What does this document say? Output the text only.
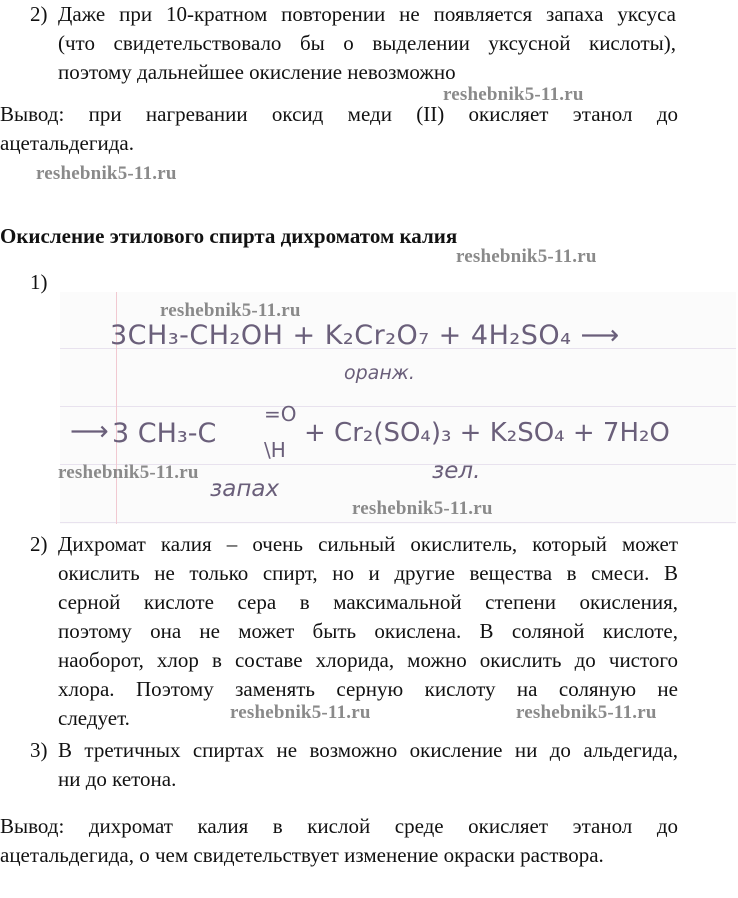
2) Даже при 10-кратном повторении не появляется запаха уксуса
(что свидетельствовало бы о выделении уксусной кислоты),
поэтому дальнейшее окисление невозможно
reshebnik5-11.ru
Вывод: при нагревании оксид меди (II) окисляет этанол до
ацетальдегида.
reshebnik5-11.ru
Окисление этилового спирта дихроматом калия
reshebnik5-11.ru
1)
3CH₃-CH₂OH + K₂Cr₂O₇ + 4H₂SO₄ ⟶
оранж.
⟶ 3 CH₃-C
=O
\H
+ Cr₂(SO₄)₃ + K₂SO₄ + 7H₂O
запах
зел.
reshebnik5-11.ru
reshebnik5-11.ru
reshebnik5-11.ru
2) Дихромат калия – очень сильный окислитель, который может
окислить не только спирт, но и другие вещества в смеси. В
серной кислоте сера в максимальной степени окисления,
поэтому она не может быть окислена. В соляной кислоте,
наоборот, хлор в составе хлорида, можно окислить до чистого
хлора. Поэтому заменять серную кислоту на соляную не
следует.	reshebnik5-11.ru	reshebnik5-11.ru
3) В третичных спиртах не возможно окисление ни до альдегида,
ни до кетона.
Вывод: дихромат калия в кислой среде окисляет этанол до
ацетальдегида, о чем свидетельствует изменение окраски раствора.
